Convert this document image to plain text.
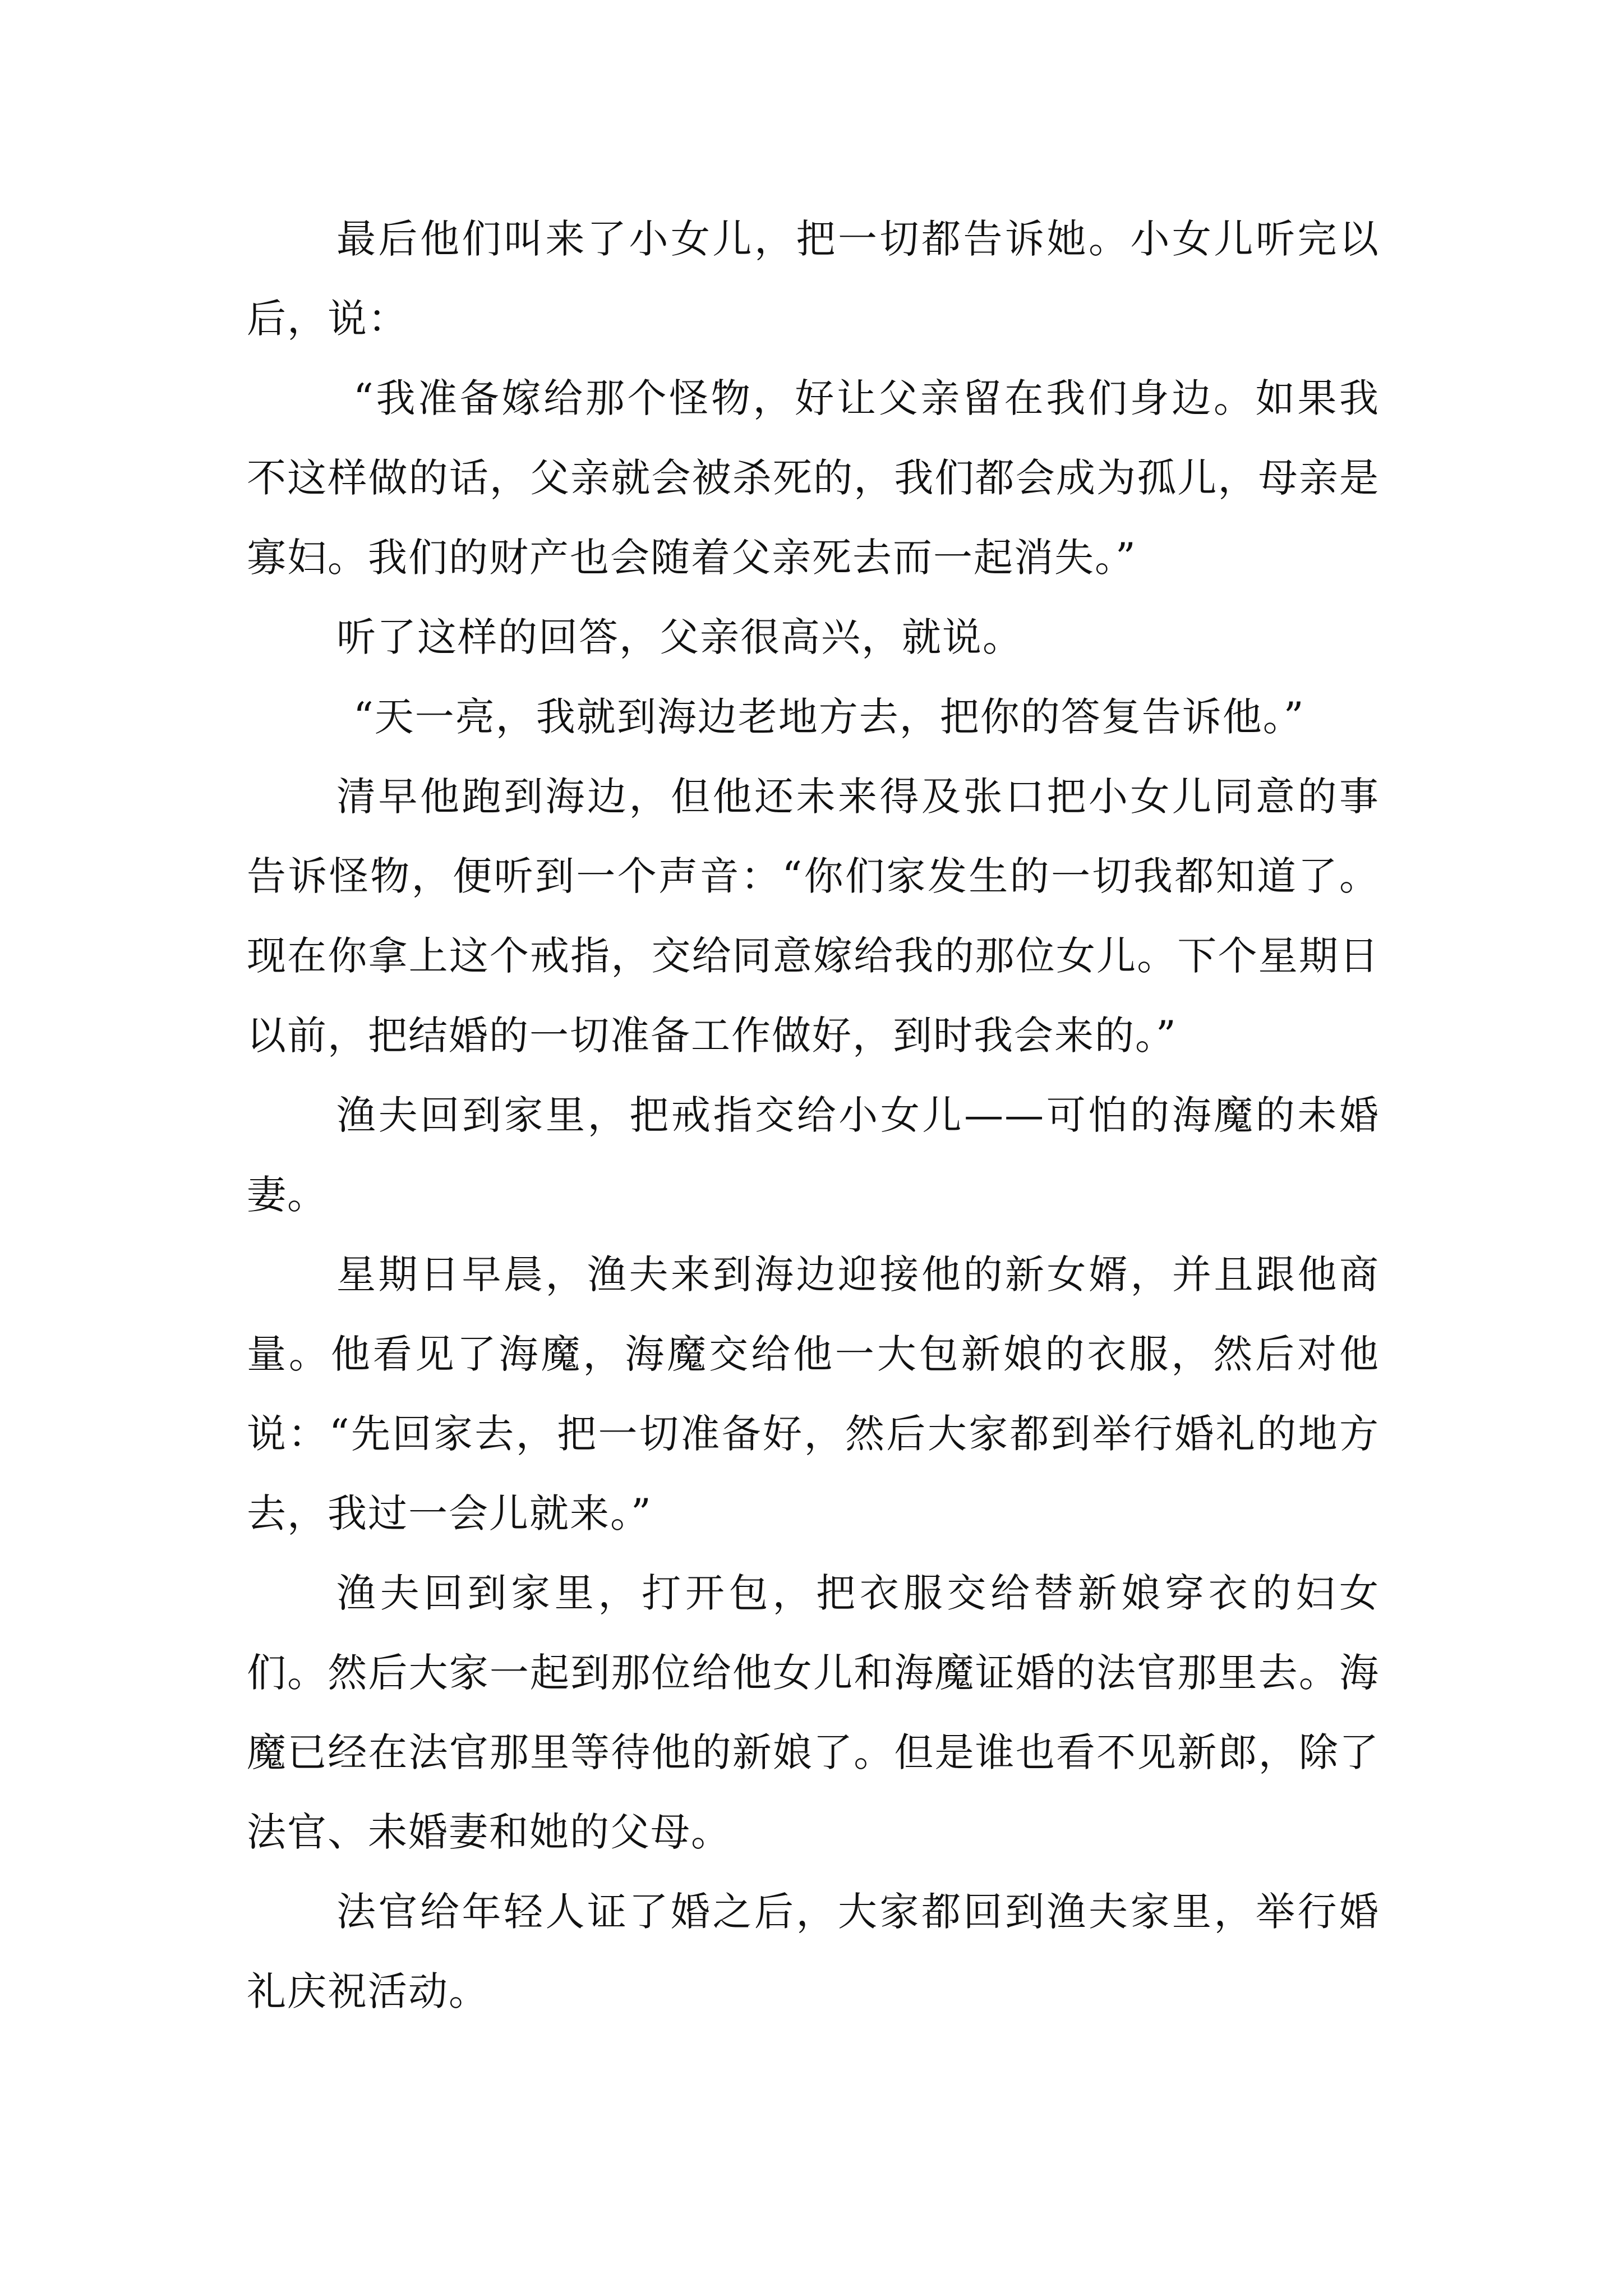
最后他们叫来了小女儿，把一切都告诉她。小女儿听完以后，说：

“我准备嫁给那个怪物，好让父亲留在我们身边。如果我不这样做的话，父亲就会被杀死的，我们都会成为孤儿，母亲是寡妇。我们的财产也会随着父亲死去而一起消失。”

听了这样的回答，父亲很高兴，就说。

“天一亮，我就到海边老地方去，把你的答复告诉他。”

清早他跑到海边，但他还未来得及张口把小女儿同意的事告诉怪物，便听到一个声音：“你们家发生的一切我都知道了。现在你拿上这个戒指，交给同意嫁给我的那位女儿。下个星期日以前，把结婚的一切准备工作做好，到时我会来的。”

渔夫回到家里，把戒指交给小女儿——可怕的海魔的未婚妻。

星期日早晨，渔夫来到海边迎接他的新女婿，并且跟他商量。他看见了海魔，海魔交给他一大包新娘的衣服，然后对他说：“先回家去，把一切准备好，然后大家都到举行婚礼的地方去，我过一会儿就来。”

渔夫回到家里，打开包，把衣服交给替新娘穿衣的妇女们。然后大家一起到那位给他女儿和海魔证婚的法官那里去。海魔已经在法官那里等待他的新娘了。但是谁也看不见新郎，除了法官、未婚妻和她的父母。

法官给年轻人证了婚之后，大家都回到渔夫家里，举行婚礼庆祝活动。
